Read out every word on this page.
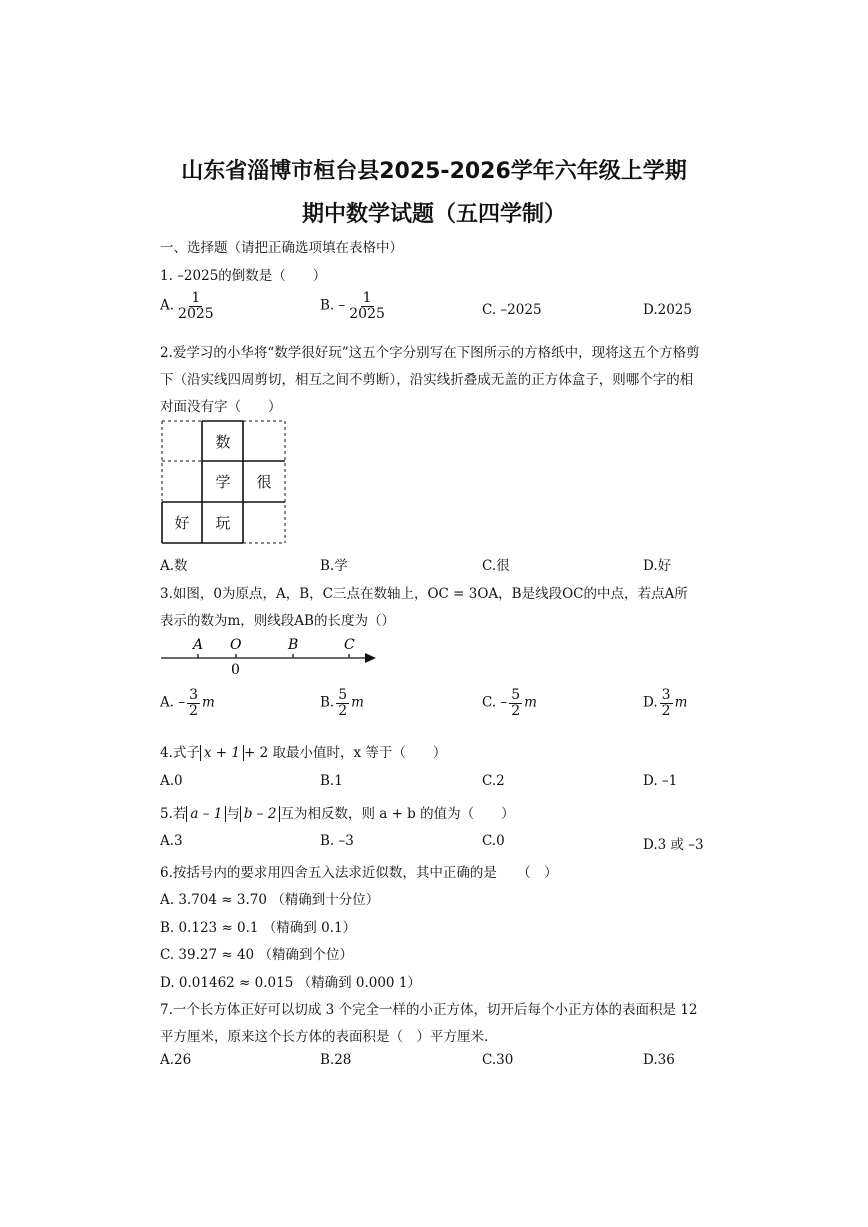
山东省淄博市桓台县2025-2026学年六年级上学期
期中数学试题（五四学制）
一、选择题（请把正确选项填在表格中）
1. –2025的倒数是（　　）
A. $\frac{1}{2025}$	B. – $\frac{1}{2025}$	C. –2025	D.2025
2.爱学习的小华将“数学很好玩”这五个字分别写在下图所示的方格纸中，现将这五个方格剪
下（沿实线四周剪切，相互之间不剪断），沿实线折叠成无盖的正方体盒子，则哪个字的相
对面没有字（　　）
数
学	很
好	玩
A.数	B.学	C.很	D.好
3.如图，0为原点，A，B，C三点在数轴上，OC = 3OA，B是线段OC的中点，若点A所
表示的数为m，则线段AB的长度为（）
A O	B	C
0
A. – $\frac{3}{2}$ m	B. $\frac{5}{2}$ m	C. – $\frac{5}{2}$ m	D. $\frac{3}{2}$ m
4.式子 x + 1 + 2 取最小值时，x 等于（　　）
A.0	B.1	C.2	D. –1
5.若 a – 1 与 b – 2 互为相反数，则 a + b 的值为（　　）
A.3	B. –3	C.0	D.3 或 –3
6.按括号内的要求用四舍五入法求近似数，其中正确的是　　（　）
A. 3.704 ≈ 3.70 （精确到十分位）
B. 0.123 ≈ 0.1 （精确到 0.1）
C. 39.27 ≈ 40 （精确到个位）
D. 0.01462 ≈ 0.015 （精确到 0.000 1）
7.一个长方体正好可以切成 3 个完全一样的小正方体，切开后每个小正方体的表面积是 12
平方厘米，原来这个长方体的表面积是（　）平方厘米.
A.26	B.28	C.30	D.36
